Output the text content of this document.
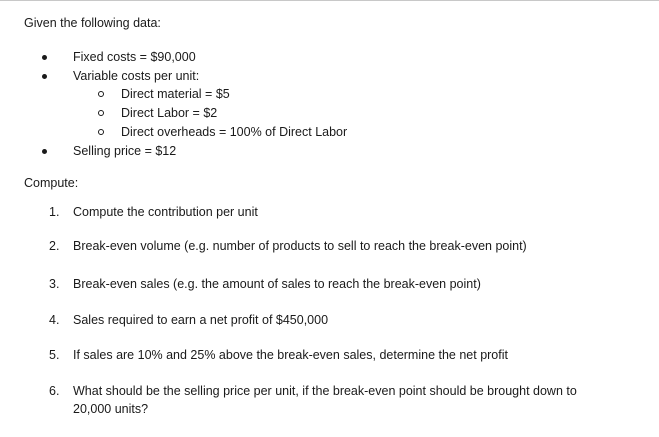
Given the following data:
Fixed costs = $90,000
Variable costs per unit:
Direct material = $5
Direct Labor = $2
Direct overheads = 100% of Direct Labor
Selling price = $12
Compute:
1. Compute the contribution per unit
2. Break-even volume (e.g. number of products to sell to reach the break-even point)
3. Break-even sales (e.g. the amount of sales to reach the break-even point)
4. Sales required to earn a net profit of $450,000
5. If sales are 10% and 25% above the break-even sales, determine the net profit
6. What should be the selling price per unit, if the break-even point should be brought down to
20,000 units?
